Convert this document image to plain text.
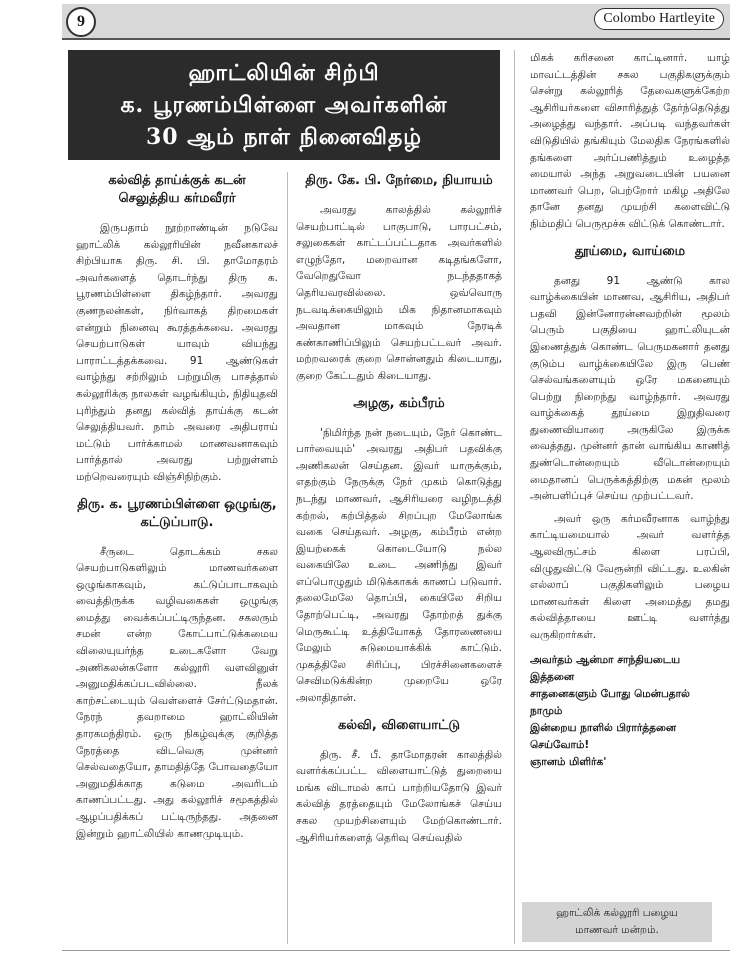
9	Colombo Hartleyite
ஹாட்லியின் சிற்பி
க. பூரணம்பிள்ளை அவர்களின்
30 ஆம் நாள் நினைவிதழ்
கல்வித் தாய்க்குக் கடன் செலுத்திய கர்மவீரர்

இருபதாம் நூற்றாண்டின் நடுவே ஹாட்லிக் கல்லூரியின் நவீனகாலச் சிற்பியாக திரு. சி. பி. தாமோதரம் அவர்களைத் தொடர்ந்து திரு க. பூரணம்பிள்ளை திகழ்ந்தார். அவரது குணநலன்கள், நிர்வாகத் திறமைகள் என்றும் நினைவு கூரத்தக்கவை. அவரது செயற்பாடுகள் யாவும் வியந்து பாராட்டத்தக்கவை. 91 ஆண்டுகள் வாழ்ந்து சற்றிலும் பற்றுமிகு பாசத்தால் கல்லூரிக்கு நாலகள் வழங்கியும், நிதியுதவி புரிந்தும் தனது கல்வித் தாய்க்கு கடன் செலுத்தியவர். நாம் அவரை அதிபராய் மட்டும் பார்க்காமல் மாணவனாகவும் பார்த்தால் அவரது பற்றுள்ளம் மற்றெவரையும் விஞ்சிநிற்கும்.

திரு. க. பூரணம்பிள்ளை ஒழுங்கு, கட்டுப்பாடு.

சீருடை தொடக்கம் சகல செயற்பாடுகளிலும் மாணவர்களை ஒழுங்காகவும், கட்டுப்பாடாகவும் வைத்திருக்க வழிவகைகள் ஒழுங்கு மைத்து வைக்கப்பட்டிருந்தன. சகலரும் சமன் என்ற கோட்பாட்டுக்கமைய விலையுயர்ந்த உடைகளோ வேறு அணிகலன்களோ கல்லூரி வளவினுள் அனுமதிக்கப்படவில்லை. நீலக் காற்சட்டையும் வெள்ளைச் சேர்ட்டுமதான். நேரந் தவறாமை ஹாட்லியின் தாரகமந்திரம். ஒரு நிகழ்வுக்கு குறித்த நேரத்தை விடவெகு முன்னர் செல்வதையோ, தாமதித்தே போவதையோ அனுமதிக்காத கடுமை அவரிடம் காணப்பட்டது. அது கல்லூரிச் சமூகத்தில் ஆழப்பதிக்கப் பட்டிருந்தது. அதனை இன்றும் ஹாட்லியில் காணமுடியும்.

திரு. கே. பி. நேர்மை, நியாயம்

அவரது காலத்தில் கல்லூரிச் செயற்பாட்டில் பாகுபாடு, பாரபட்சம், சலுகைகள் காட்டப்பட்டதாக அவர்களில் எழுந்தோ, மறைவான கடிதங்களோ, வேறெதுவோ நடந்ததாகத் தெரியவரவில்லை. ஒவ்வொரு நடவடிக்கையிலும் மிக நிதானமாகவும் அவதான மாகவும் நேரடிக் கண்காணிப்பிலும் செயற்பட்டவர் அவர். மற்றவரைக் குறை சொன்னதும் கிடையாது, குறை கேட்டதும் கிடையாது.

அழகு, கம்பீரம்

'நிமிர்ந்த நன் நடையும், நேர் கொண்ட பார்வையும்' அவரது அதிபர் பதவிக்கு அணிகலன் செய்தன. இவர் யாருக்கும், எதற்கும் நேருக்கு நேர் முகம் கொடுத்து நடந்து மாணவர், ஆசிரியரை வழிநடத்தி கற்றல், கற்பித்தல் சிறப்புற மேலோங்க வகை செய்தவர். அழகு, கம்பீரம் என்ற இயற்கைக் கொடையோடு நல்ல வகையிலே உடை அணிந்து இவர் எப்பொழுதும் மிடுக்காகக் காணப் படுவார். தலைமேலே தொப்பி, கையிலே சிறிய தோற்பெட்டி, அவரது தோற்றத் துக்கு மெருகூட்டி உத்தியோகத் தோரணையை மேலும் சுடுமையாக்கிக் காட்டும். முகத்திலே சிரிப்பு, பிரச்சினைகளைச் செவிமடுக்கின்ற முறையே ஒரே அலாதிதான்.

கல்வி, விளையாட்டு

திரு. சீ. பீ. தாமோதரன் காலத்தில் வளர்க்கப்பட்ட விளையாட்டுத் துறையை மங்க விடாமல் காப் பாற்றியதோடு இவர் கல்வித் தரத்தையும் மேலோங்கச் செய்ய சகல முயற்சிளையும் மேற்கொண்டார். ஆசிரியர்களைத் தெரிவு செய்வதில்

மிகக் கரிசனை காட்டினார். யாழ் மாவட்டத்தின் சகல பகுதிகளுக்கும் சென்று கல்லூரித் தேவைகளுக்கேற்ற ஆசிரியர்களை விசாரித்துத் தேர்ந்தெடுத்து அழைத்து வந்தார். அப்படி வந்தவர்கள் விடுதியில் தங்கியும் மேலதிக நேரங்களில் தங்களை அர்ப்பணித்தும் உழைத்த மையால் அந்த அறுவடையின் பயனை மாணவர் பெற, பெற்றோர் மகிழ அதிலே தானே தனது முயற்சி களைவிட்டு நிம்மதிப் பெருமூச்சு விட்டுக் கொண்டார்.

தூய்மை, வாய்மை

தனது 91 ஆண்டு கால வாழ்க்கையின் மாணவ, ஆசிரிய, அதிபர் பதவி இன்னோரன்னவற்றின் மூலம் பெரும் பகுதியை ஹாட்லியுடன் இணைத்துக் கொண்ட பெருமகனார் தனது குடும்ப வாழ்க்கையிலே இரு பெண் செல்வங்களையும் ஒரே மகனையும் பெற்று நிறைந்து வாழ்ந்தார். அவரது வாழ்க்கைத் தூய்மை இறுதிவரை துணைவியாரை அருகிலே இருக்க வைத்தது. முன்னர் தான் வாங்கிய காணித் துண்டொன்றையும் வீடொன்றையும் மைதானப் பெருக்கத்திற்கு மகன் மூலம் அன்பளிப்புச் செய்ய முற்பட்டவர்.

அவர் ஒரு கர்மவீரனாக வாழ்ந்து காட்டியமையால் அவர் வளர்த்த ஆலவிருட்சம் கிளை பரப்பி, விழுதுவிட்டு வேரூன்றி விட்டது. உலகின் எல்லாப் பகுதிகளிலும் பழைய மாணவர்கள் கிளை அமைத்து தமது கல்வித்தாயை ஊட்டி வளர்த்து வருகிறார்கள்.

அவர்தம் ஆன்மா சாந்தியடைய
இத்தனை
சாதனைகளும் போது மென்பதால்
நாமும்
இன்றைய நாளில் பிரார்த்தனை
செய்வோம்!
ஞானம் மிளிர்க'
ஹாட்லிக் கல்லூரி பழைய
மாணவர் மன்றம்.
